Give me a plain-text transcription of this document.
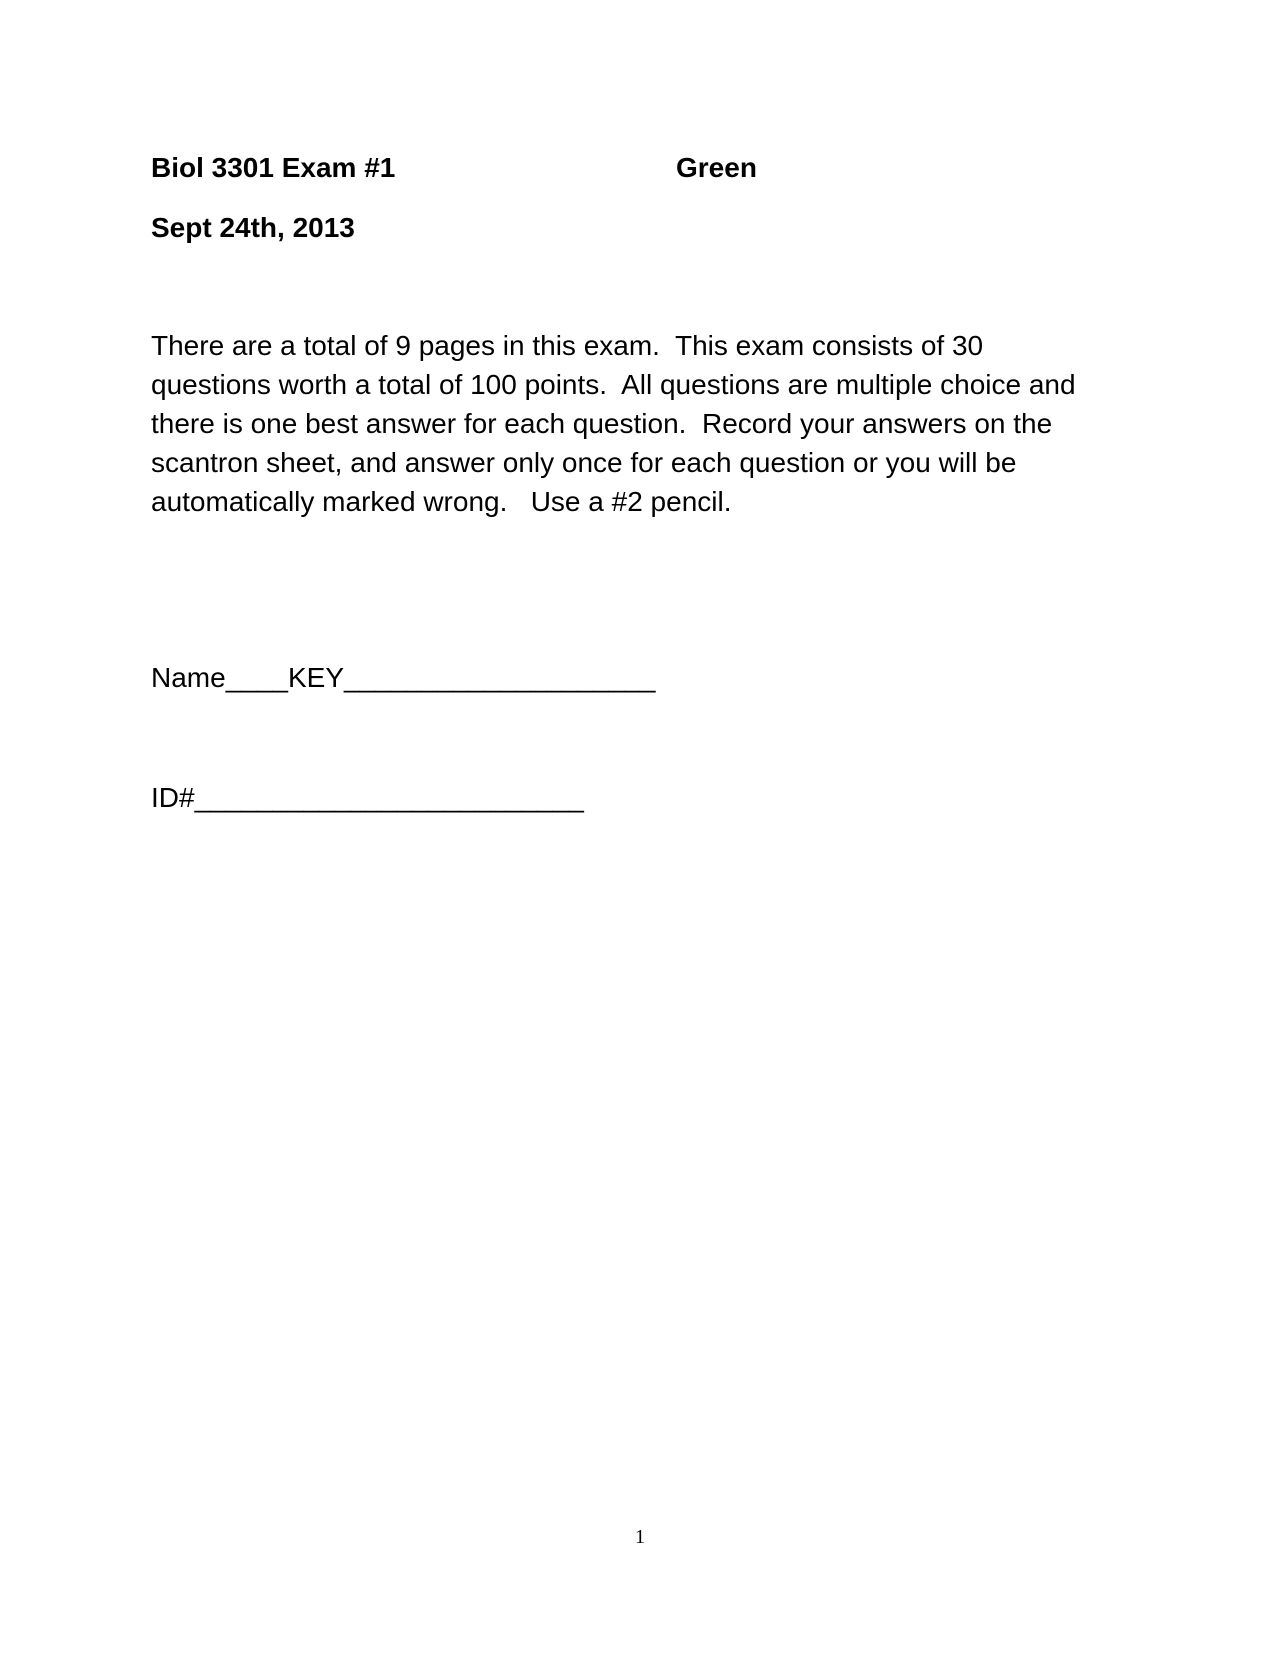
Biol 3301 Exam #1	Green
Sept 24th, 2013
There are a total of 9 pages in this exam.  This exam consists of 30
questions worth a total of 100 points.  All questions are multiple choice and
there is one best answer for each question.  Record your answers on the
scantron sheet, and answer only once for each question or you will be
automatically marked wrong.   Use a #2 pencil.
Name____KEY____________________
ID#_________________________
1
